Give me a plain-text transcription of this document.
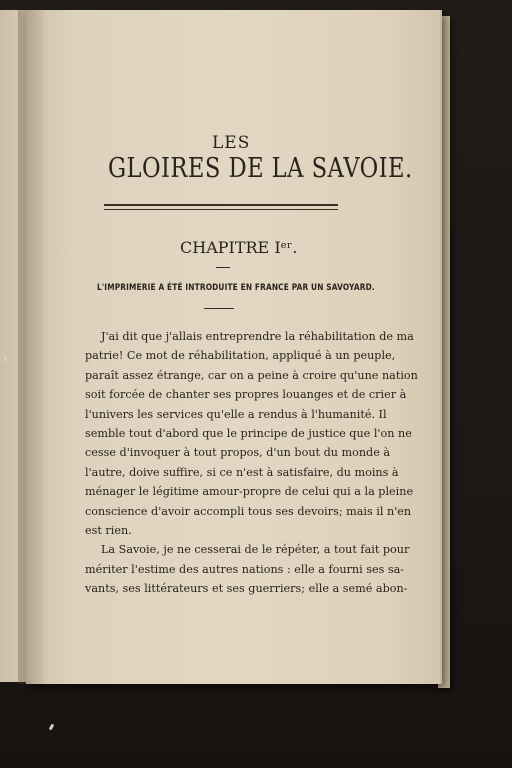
LES
GLOIRES DE LA SAVOIE.
CHAPITRE Iᵉʳ.
L'IMPRIMERIE A ÉTÉ INTRODUITE EN FRANCE PAR UN SAVOYARD.
J'ai dit que j'allais entreprendre la réhabilitation de ma
patrie! Ce mot de réhabilitation, appliqué à un peuple,
paraît assez étrange, car on a peine à croire qu'une nation
soit forcée de chanter ses propres louanges et de crier à
l'univers les services qu'elle a rendus à l'humanité. Il
semble tout d'abord que le principe de justice que l'on ne
cesse d'invoquer à tout propos, d'un bout du monde à
l'autre, doive suffire, si ce n'est à satisfaire, du moins à
ménager le légitime amour-propre de celui qui a la pleine
conscience d'avoir accompli tous ses devoirs; mais il n'en
est rien.
La Savoie, je ne cesserai de le répéter, a tout fait pour
mériter l'estime des autres nations : elle a fourni ses sa-
vants, ses littérateurs et ses guerriers; elle a semé abon-
